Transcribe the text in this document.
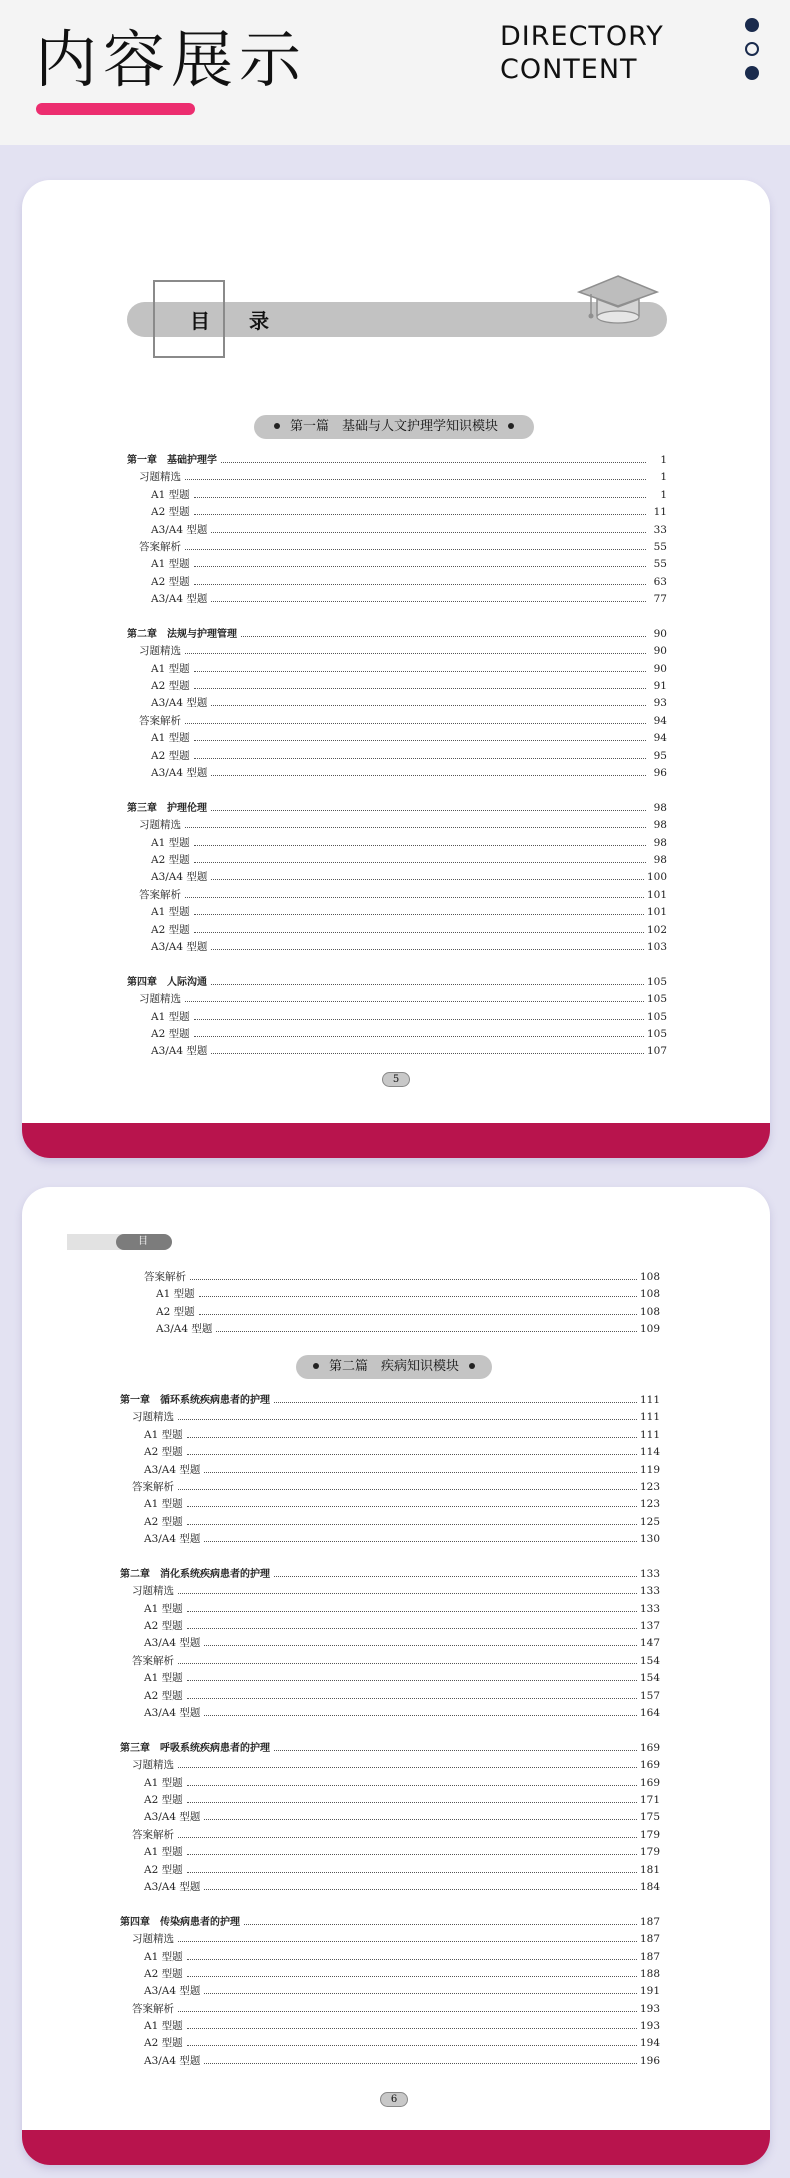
内容展示	DIRECTORY
CONTENT
目 录
第一篇　基础与人文护理学知识模块
第一章　基础护理学	1
习题精选	1
A1 型题	1
A2 型题	11
A3/A4 型题	33
答案解析	55
A1 型题	55
A2 型题	63
A3/A4 型题	77
第二章　法规与护理管理	90
习题精选	90
A1 型题	90
A2 型题	91
A3/A4 型题	93
答案解析	94
A1 型题	94
A2 型题	95
A3/A4 型题	96
第三章　护理伦理	98
习题精选	98
A1 型题	98
A2 型题	98
A3/A4 型题	100
答案解析	101
A1 型题	101
A2 型题	102
A3/A4 型题	103
第四章　人际沟通	105
习题精选	105
A1 型题	105
A2 型题	105
A3/A4 型题	107
5
目 录
答案解析	108
A1 型题	108
A2 型题	108
A3/A4 型题	109
第二篇　疾病知识模块
第一章　循环系统疾病患者的护理	111
习题精选	111
A1 型题	111
A2 型题	114
A3/A4 型题	119
答案解析	123
A1 型题	123
A2 型题	125
A3/A4 型题	130
第二章　消化系统疾病患者的护理	133
习题精选	133
A1 型题	133
A2 型题	137
A3/A4 型题	147
答案解析	154
A1 型题	154
A2 型题	157
A3/A4 型题	164
第三章　呼吸系统疾病患者的护理	169
习题精选	169
A1 型题	169
A2 型题	171
A3/A4 型题	175
答案解析	179
A1 型题	179
A2 型题	181
A3/A4 型题	184
第四章　传染病患者的护理	187
习题精选	187
A1 型题	187
A2 型题	188
A3/A4 型题	191
答案解析	193
A1 型题	193
A2 型题	194
A3/A4 型题	196
6
